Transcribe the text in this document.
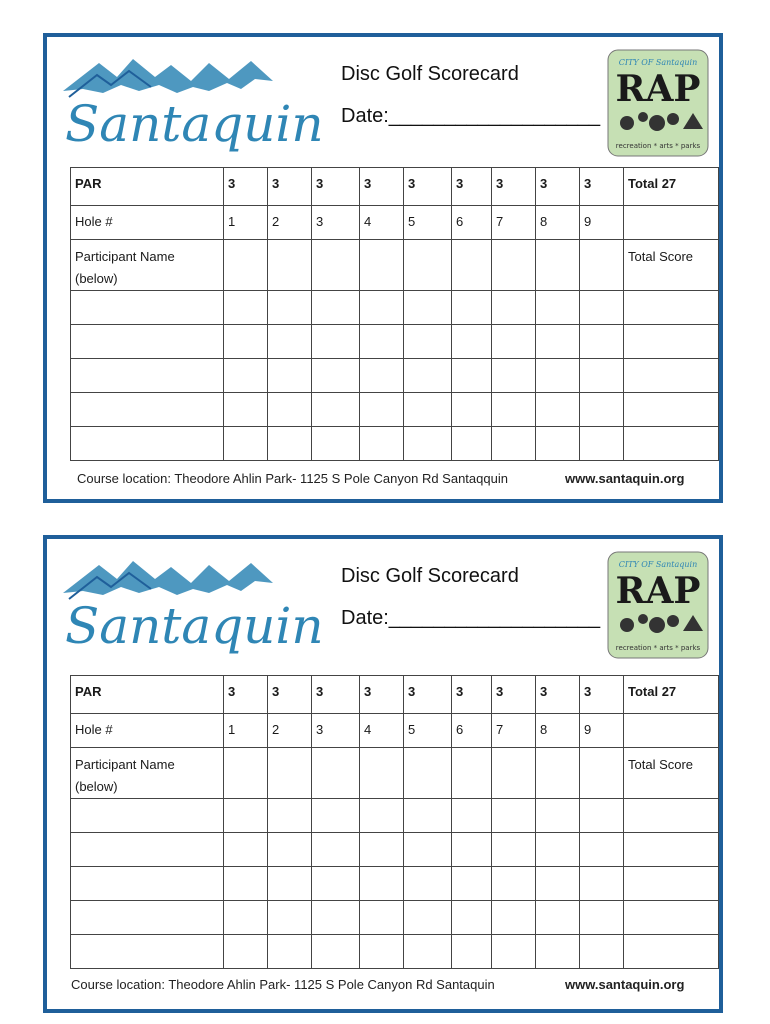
Santaquin
Disc Golf Scorecard
Date:___________________
CITY OF Santaquin
RAP
recreation * arts * parks
PAR	3	3	3	3	3	3	3	3	3	Total 27
Hole #	1	2	3	4	5	6	7	8	9	

Participant Name
(below)										Total Score

Course location: Theodore Ahlin Park- 1125 S Pole Canyon Rd Santaqquin	www.santaquin.org
Santaquin
Disc Golf Scorecard
Date:___________________
CITY OF Santaquin
RAP
recreation * arts * parks
PAR	3	3	3	3	3	3	3	3	3	Total 27
Hole #	1	2	3	4	5	6	7	8	9	

Participant Name
(below)										Total Score

Course location: Theodore Ahlin Park- 1125 S Pole Canyon Rd Santaquin	www.santaquin.org
